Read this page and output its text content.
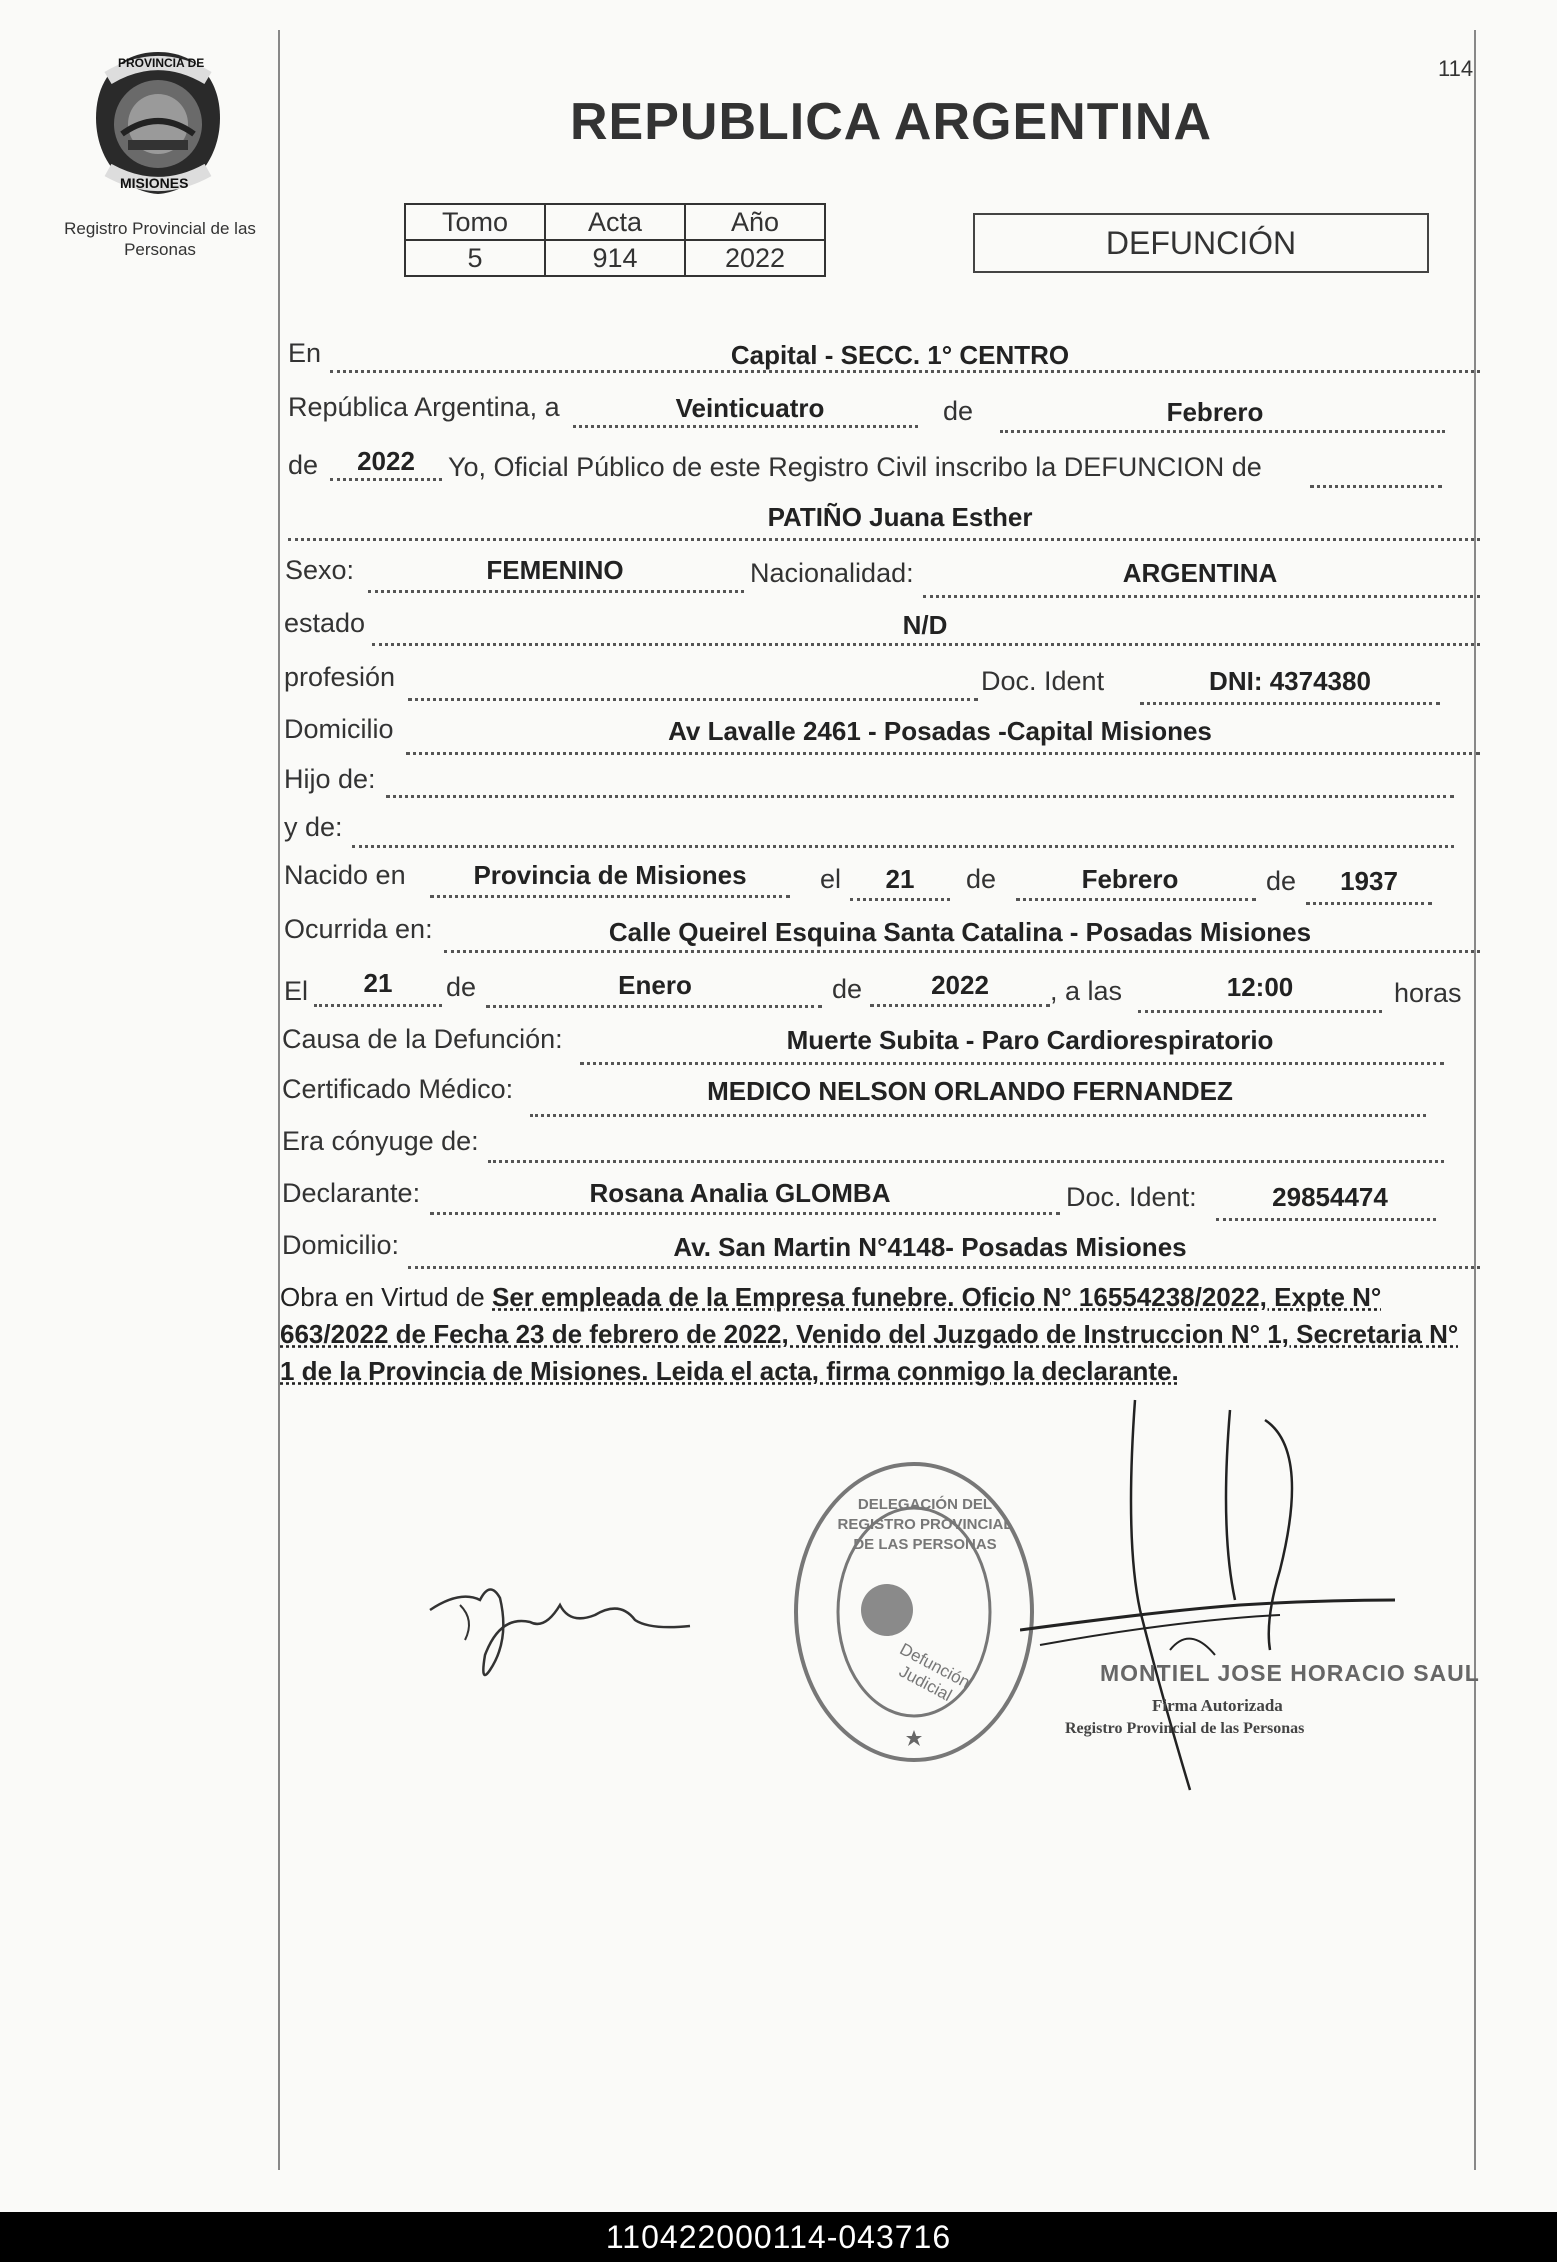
PROVINCIA DE
MISIONES
Registro Provincial de las Personas
114
REPUBLICA ARGENTINA
Tomo	Acta	Año
5	914	2022	DEFUNCIÓN
En	Capital - SECC. 1° CENTRO
República Argentina, a	Veinticuatro	de	Febrero
de	2022	Yo, Oficial Público de este Registro Civil inscribo la DEFUNCION de
PATIÑO Juana Esther
Sexo:	FEMENINO	Nacionalidad:	ARGENTINA
estado	N/D
profesión	Doc. Ident	DNI: 4374380
Domicilio	Av Lavalle 2461 - Posadas -Capital Misiones
Hijo de:
y de:
Nacido en	Provincia de Misiones	el	21	de	Febrero	de	1937
Ocurrida en:	Calle Queirel Esquina Santa Catalina - Posadas Misiones
El	21	de	Enero	de	2022	, a las	12:00	horas
Causa de la Defunción:	Muerte Subita - Paro Cardiorespiratorio
Certificado Médico:	MEDICO NELSON ORLANDO FERNANDEZ
Era cónyuge de:
Declarante:	Rosana Analia GLOMBA	Doc. Ident:	29854474
Domicilio:	Av. San Martin N°4148- Posadas Misiones
Obra en Virtud de Ser empleada de la Empresa funebre. Oficio N° 16554238/2022, Expte N° 663/2022 de Fecha 23 de febrero de 2022, Venido del Juzgado de Instruccion N° 1, Secretaria N° 1 de la Provincia de Misiones. Leida el acta, firma conmigo la declarante.
DELEGACIÓN DEL REGISTRO PROVINCIAL DE LAS PERSONAS
Defunción Judicial	MONTIEL JOSE HORACIO SAUL
Firma Autorizada
Registro Provincial de las Personas
110422000114-043716
